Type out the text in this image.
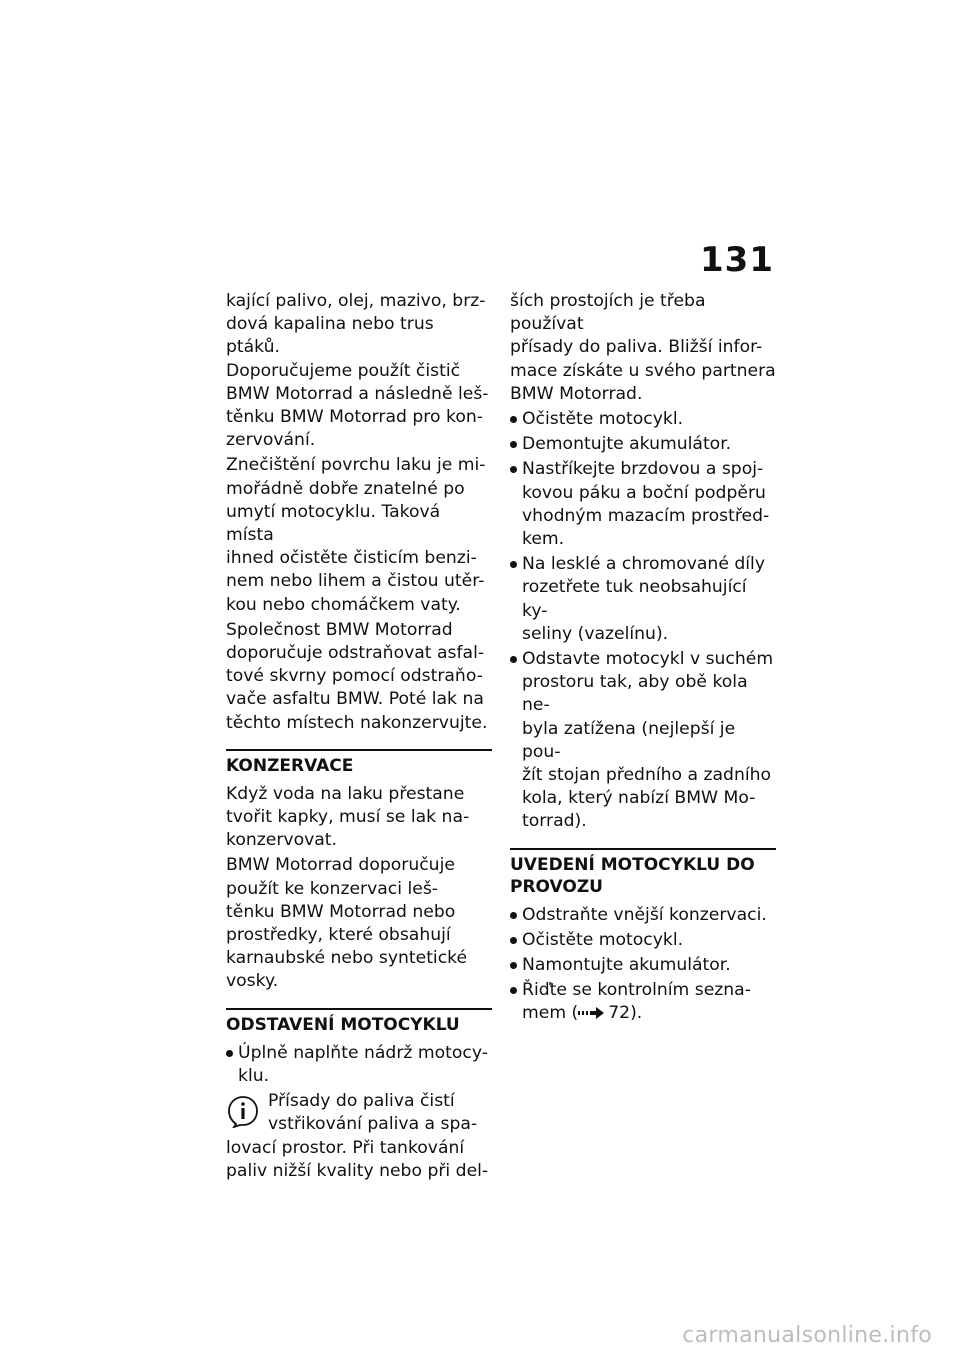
131

kající palivo, olej, mazivo, brz-
dová kapalina nebo trus ptáků.
Doporučujeme použít čistič
BMW Motorrad a následně leš-
těnku BMW Motorrad pro kon-
zervování.

Znečištění povrchu laku je mi-
mořádně dobře znatelné po
umytí motocyklu. Taková místa
ihned očistěte čisticím benzi-
nem nebo lihem a čistou utěr-
kou nebo chomáčkem vaty.

Společnost BMW Motorrad
doporučuje odstraňovat asfal-
tové skvrny pomocí odstraňo-
vače asfaltu BMW. Poté lak na
těchto místech nakonzervujte.

KONZERVACE

Když voda na laku přestane
tvořit kapky, musí se lak na-
konzervovat.

BMW Motorrad doporučuje
použít ke konzervaci leš-
těnku BMW Motorrad nebo
prostředky, které obsahují
karnaubské nebo syntetické
vosky.

ODSTAVENÍ MOTOCYKLU
Úplně naplňte nádrž motocy-
klu.
Přísady do paliva čistí
vstřikování paliva a spa-
lovací prostor. Při tankování
paliv nižší kvality nebo při del-

ších prostojích je třeba používat
přísady do paliva. Bližší infor-
mace získáte u svého partnera
BMW Motorrad.

Očistěte motocykl.
Demontujte akumulátor.
Nastříkejte brzdovou a spoj-
kovou páku a boční podpěru
vhodným mazacím prostřed-
kem.
Na lesklé a chromované díly
rozetřete tuk neobsahující ky-
seliny (vazelínu).
Odstavte motocykl v suchém
prostoru tak, aby obě kola ne-
byla zatížena (nejlepší je pou-
žít stojan předního a zadního
kola, který nabízí BMW Mo-
torrad).
UVEDENÍ MOTOCYKLU DO
PROVOZU
Odstraňte vnější konzervaci.
Očistěte motocykl.
Namontujte akumulátor.
Řiďte se kontrolním sezna-
mem ( 72).
carmanualsonline.info
